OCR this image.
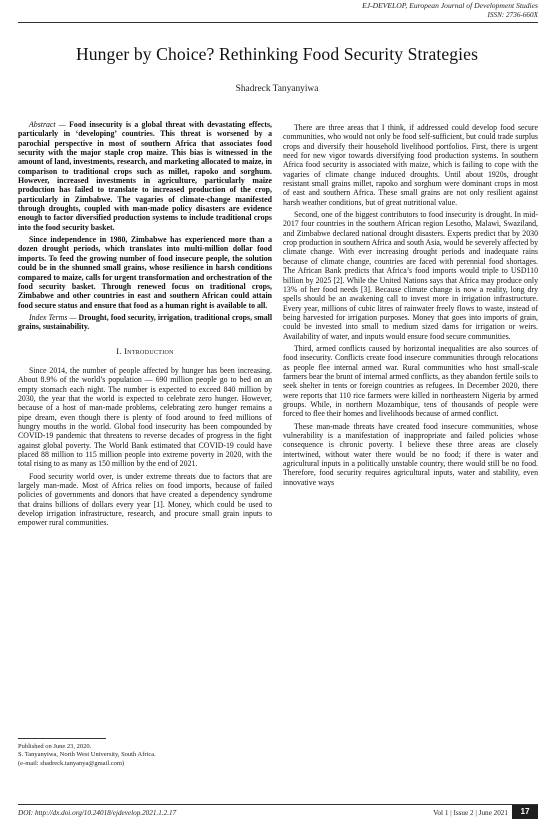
EJ-DEVELOP, European Journal of Development Studies
ISSN: 2736-660X
Hunger by Choice? Rethinking Food Security Strategies
Shadreck Tanyanyiwa

Abstract — Food insecurity is a global threat with devastating effects, particularly in ‘developing’ countries. This threat is worsened by a parochial perspective in most of southern Africa that associates food security with the major staple crop maize. This bias is witnessed in the amount of land, investments, research, and marketing allocated to maize, in comparison to traditional crops such as millet, rapoko and sorghum. However, increased investments in agriculture, particularly maize production has failed to translate to increased production of the crop, particularly in Zimbabwe. The vagaries of climate-change manifested through droughts, coupled with man-made policy disasters are evidence enough to factor diversified production systems to include traditional crops into the food security basket.

Since independence in 1980, Zimbabwe has experienced more than a dozen drought periods, which translates into multi-million dollar food imports. To feed the growing number of food insecure people, the solution could be in the shunned small grains, whose resilience in harsh conditions compared to maize, calls for urgent transformation and orchestration of the food security basket. Through renewed focus on traditional crops, Zimbabwe and other countries in east and southern African could attain food secure status and ensure that food as a human right is available to all.

Index Terms — Drought, food security, irrigation, traditional crops, small grains, sustainability.

I. Introduction

Since 2014, the number of people affected by hunger has been increasing. About 8.9% of the world’s population — 690 million people go to bed on an empty stomach each night. The number is expected to exceed 840 million by 2030, the year that the world is expected to celebrate zero hunger. However, because of a host of man-made problems, celebrating zero hunger remains a pipe dream, even though there is plenty of food around to feed millions of hungry mouths in the world. Global food insecurity has been compounded by COVID-19 pandemic that threatens to reverse decades of progress in the fight against global poverty. The World Bank estimated that COVID-19 could have placed 88 million to 115 million people into extreme poverty in 2020, with the total rising to as many as 150 million by the end of 2021.

Food security world over, is under extreme threats due to factors that are largely man-made. Most of Africa relies on food imports, because of failed policies of governments and donors that have created a dependency syndrome that drains billions of dollars every year [1]. Money, which could be used to develop irrigation infrastructure, research, and procure small grain inputs to empower rural communities.

There are three areas that I think, if addressed could develop food secure communities, who would not only be food self-sufficient, but could trade surplus crops and diversify their household livelihood portfolios. First, there is urgent need for new vigor towards diversifying food production systems. In southern Africa food security is associated with maize, which is failing to cope with the vagaries of climate change induced droughts. Until about 1920s, drought resistant small grains millet, rapoko and sorghum were dominant crops in most of east and southern Africa. These small grains are not only resilient against harsh weather conditions, but of great nutritional value.

Second, one of the biggest contributors to food insecurity is drought. In mid-2017 four countries in the southern African region Lesotho, Malawi, Swaziland, and Zimbabwe declared national drought disasters. Experts predict that by 2030 crop production in southern Africa and south Asia, would be severely affected by climate change. With ever increasing drought periods and inadequate rains because of climate change, countries are faced with perennial food shortages. The African Bank predicts that Africa’s food imports would triple to USD110 billion by 2025 [2]. While the United Nations says that Africa may produce only 13% of her food needs [3]. Because climate change is now a reality, long dry spells should be an awakening call to invest more in irrigation infrastructure. Every year, millions of cubic litres of rainwater freely flows to waste, instead of being harvested for irrigation purposes. Money that goes into imports of grain, could be invested into small to medium sized dams for irrigation or weirs. Availability of water, and inputs would ensure food secure communities.

Third, armed conflicts caused by horizontal inequalities are also sources of food insecurity. Conflicts create food insecure communities through relocations as people flee internal armed war. Rural communities who host small-scale farmers bear the brunt of internal armed conflicts, as they abandon fertile soils to seek shelter in tents or foreign countries as refugees. In December 2020, there were reports that 110 rice farmers were killed in northeastern Nigeria by armed groups. While, in northern Mozambique, tens of thousands of people were forced to flee their homes and livelihoods because of armed conflict.

These man-made threats have created food insecure communities, whose vulnerability is a manifestation of inappropriate and failed policies whose consequence is chronic poverty. I believe these three areas are closely intertwined, without water there would be no food; if there is water and agricultural inputs in a politically unstable country, there would still be no food. Therefore, food security requires agricultural inputs, water and stability, even innovative ways

Published on June 23, 2020.
S. Tanyanyiwa, North West University, South Africa.
(e-mail: shadreck.tanyanya@gmail.com)
DOI: http://dx.doi.org/10.24018/ejdevelop.2021.1.2.17	Vol 1 | Issue 2 | June 2021	17
